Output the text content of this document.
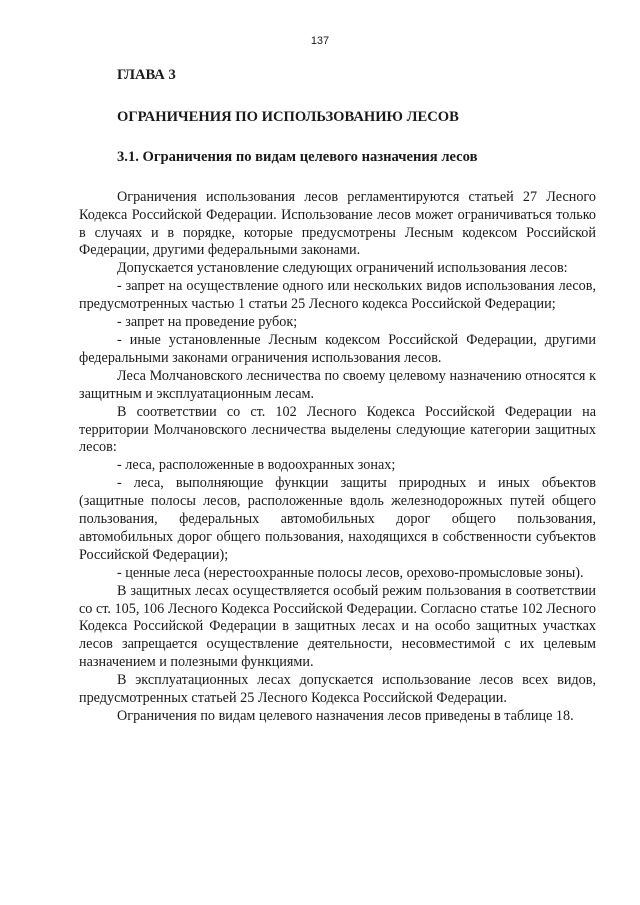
137
ГЛАВА 3
ОГРАНИЧЕНИЯ ПО ИСПОЛЬЗОВАНИЮ ЛЕСОВ
3.1. Ограничения по видам целевого назначения лесов

Ограничения использования лесов регламентируются статьей 27 Лесного Кодекса Российской Федерации. Использование лесов может ограничиваться только в случаях и в порядке, которые предусмотрены Лесным кодексом Российской Федерации, другими федеральными законами.

Допускается установление следующих ограничений использования лесов:

- запрет на осуществление одного или нескольких видов использования лесов, предусмотренных частью 1 статьи 25 Лесного кодекса Российской Федерации;

- запрет на проведение рубок;

- иные установленные Лесным кодексом Российской Федерации, другими федеральными законами ограничения использования лесов.

Леса Молчановского лесничества по своему целевому назначению относятся к защитным и эксплуатационным лесам.

В соответствии со ст. 102 Лесного Кодекса Российской Федерации на территории Молчановского лесничества выделены следующие категории защитных лесов:

- леса, расположенные в водоохранных зонах;

- леса, выполняющие функции защиты природных и иных объектов (защитные полосы лесов, расположенные вдоль железнодорожных путей общего пользования, федеральных автомобильных дорог общего пользования, автомобильных дорог общего пользования, находящихся в собственности субъектов Российской Федерации);

- ценные леса (нерестоохранные полосы лесов, орехово-промысловые зоны).

В защитных лесах осуществляется особый режим пользования в соответствии со ст. 105, 106 Лесного Кодекса Российской Федерации. Согласно статье 102 Лесного Кодекса Российской Федерации в защитных лесах и на особо защитных участках лесов запрещается осуществление деятельности, несовместимой с их целевым назначением и полезными функциями.

В эксплуатационных лесах допускается использование лесов всех видов, предусмотренных статьей 25 Лесного Кодекса Российской Федерации.

Ограничения по видам целевого назначения лесов приведены в таблице 18.
